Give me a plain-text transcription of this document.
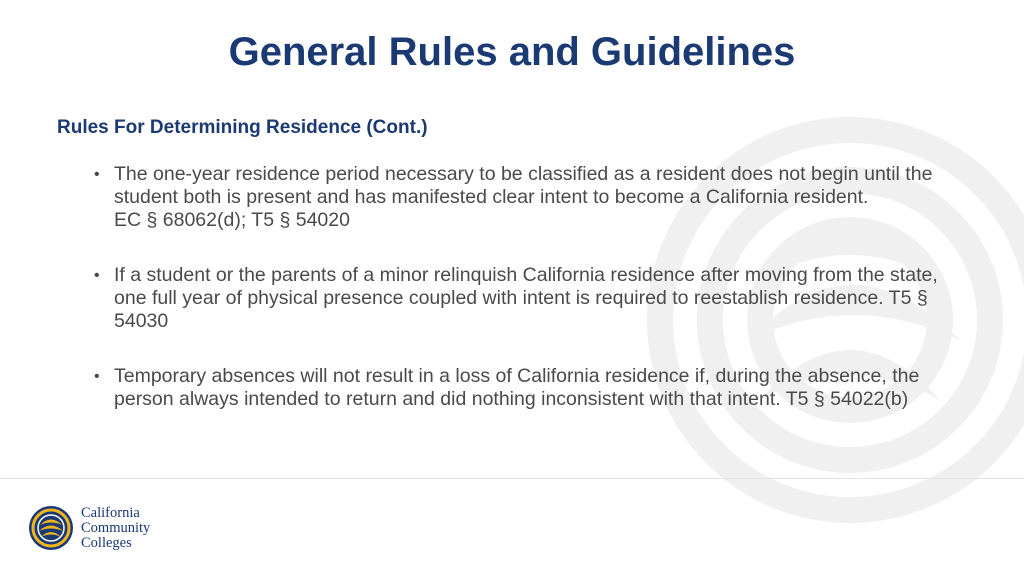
General Rules and Guidelines
Rules For Determining Residence (Cont.)
• The one-year residence period necessary to be classified as a resident does not begin until the student both is present and has manifested clear intent to become a California resident.
EC § 68062(d); T5 § 54020
• If a student or the parents of a minor relinquish California residence after moving from the state, one full year of physical presence coupled with intent is required to reestablish residence. T5 § 54030
• Temporary absences will not result in a loss of California residence if, during the absence, the person always intended to return and did nothing inconsistent with that intent. T5 § 54022(b)
California
Community
Colleges
